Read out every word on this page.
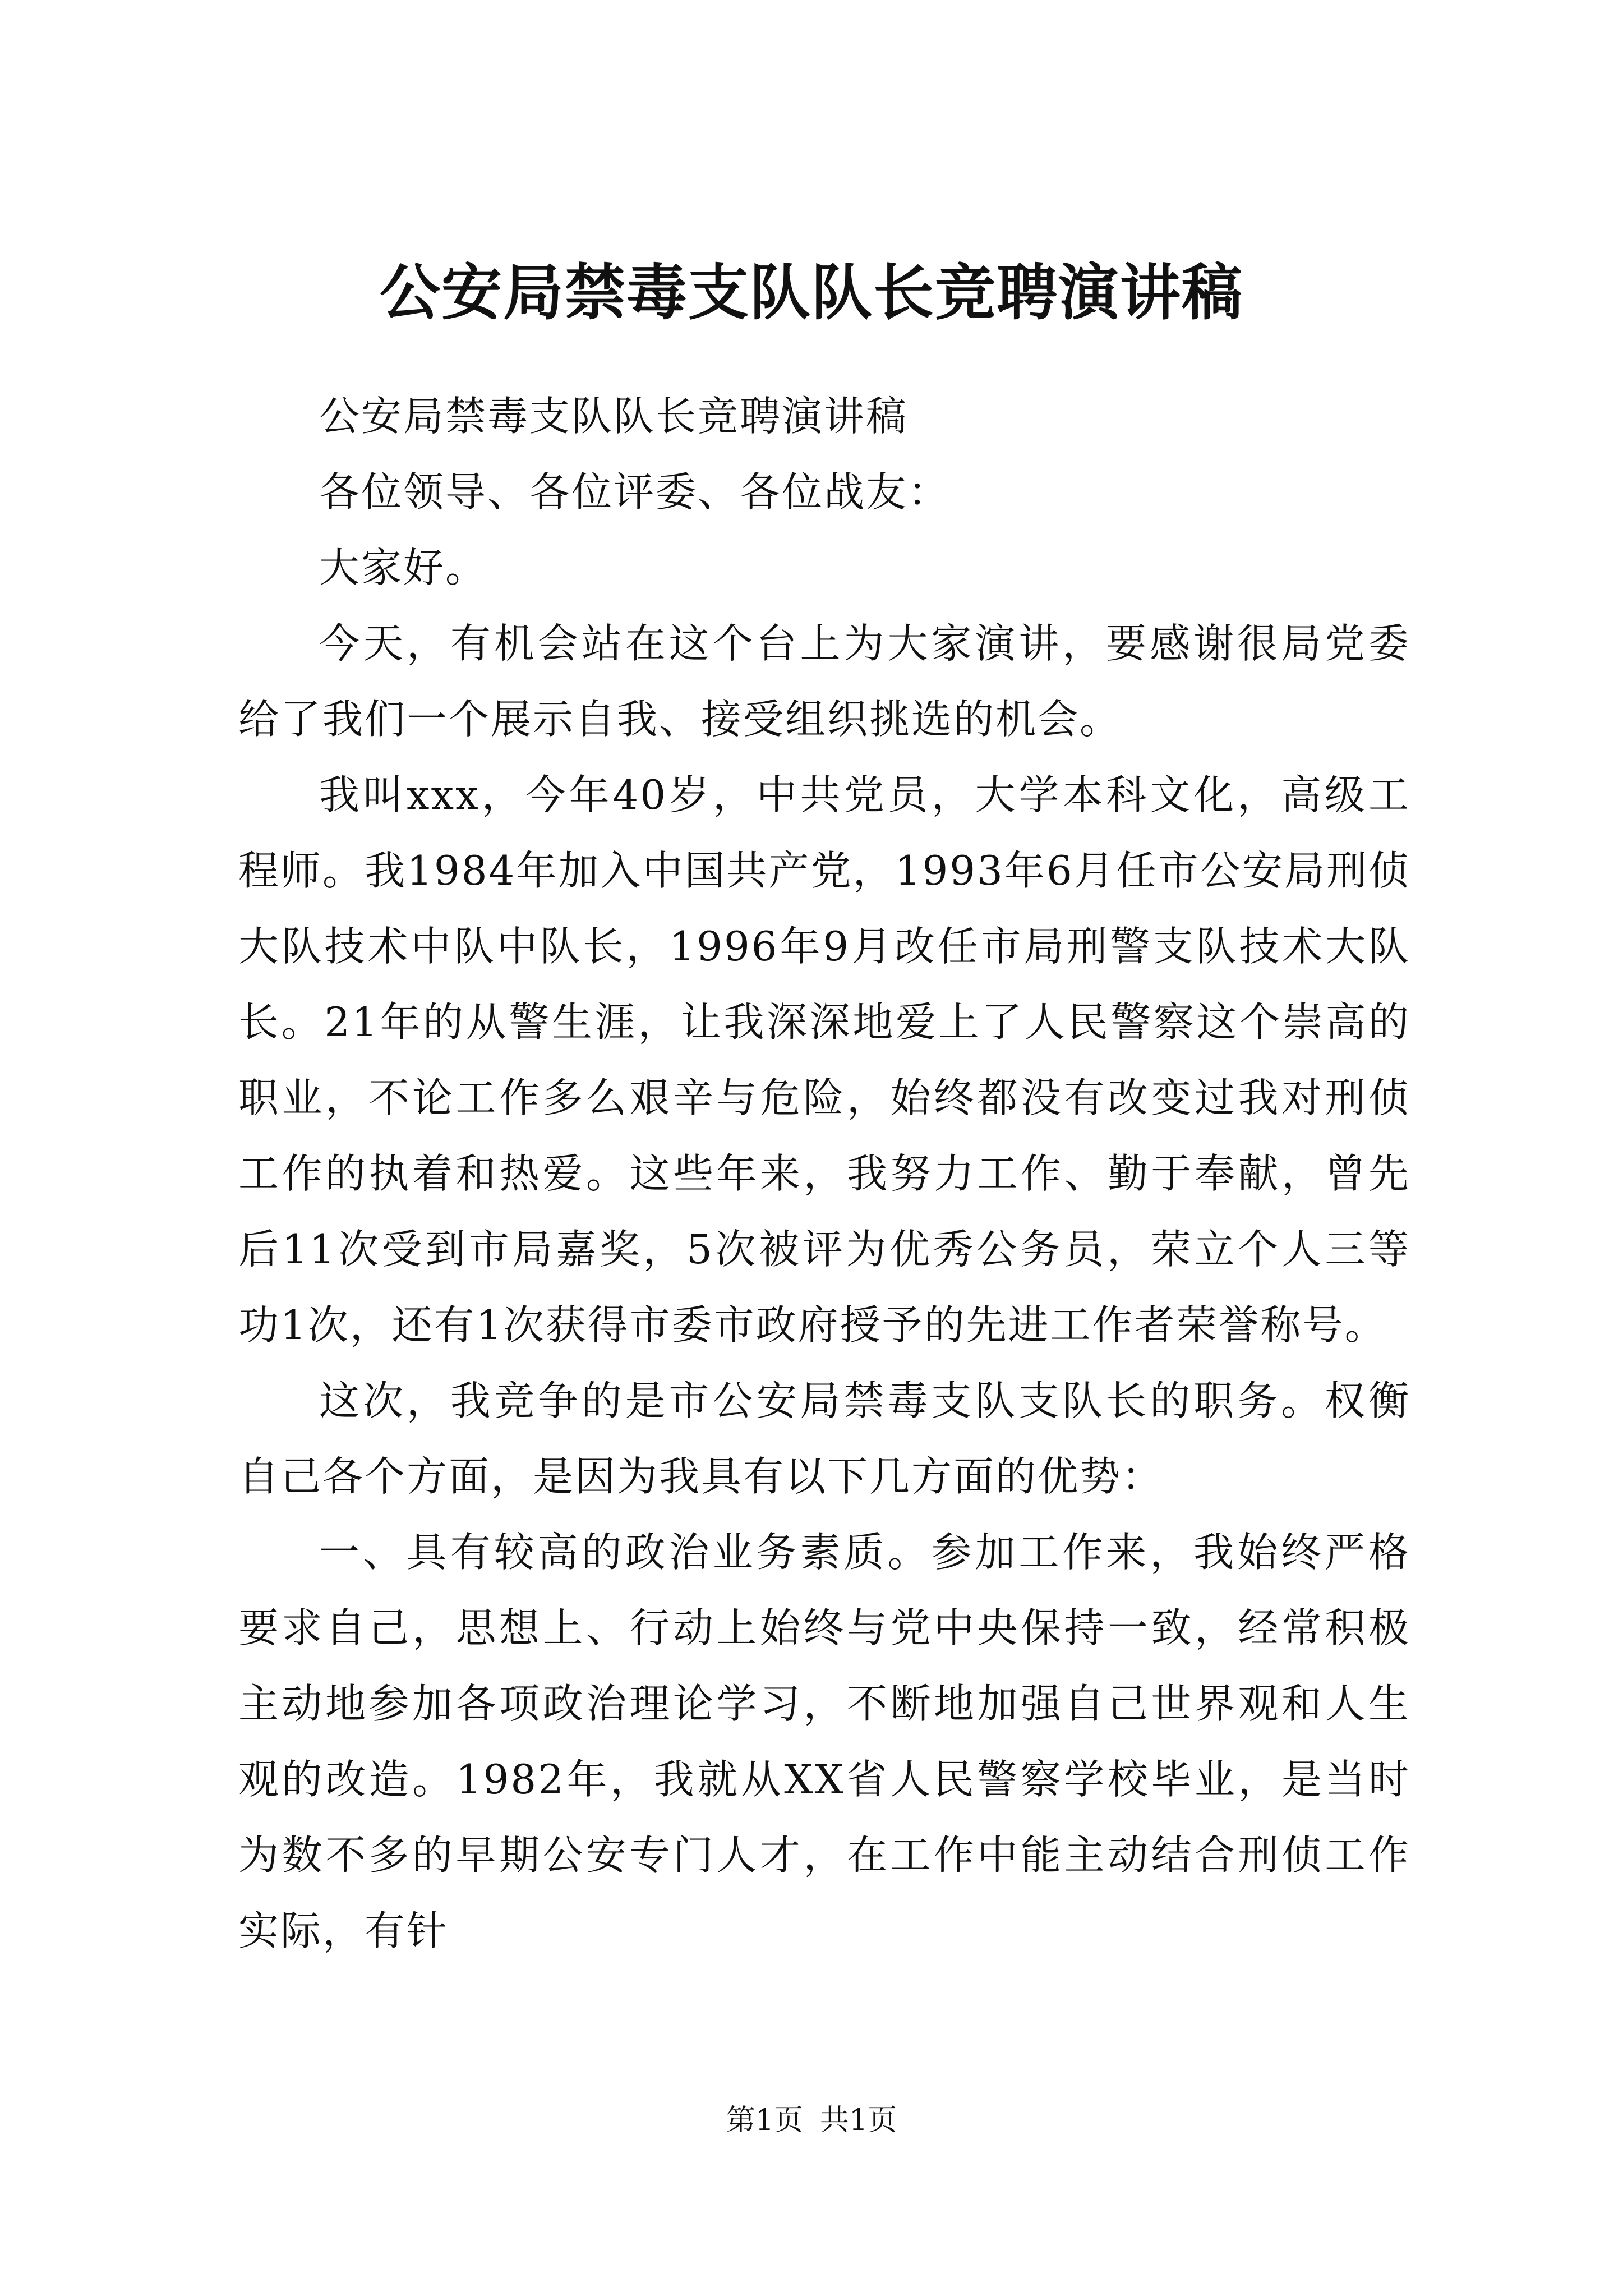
公安局禁毒支队队长竞聘演讲稿

公安局禁毒支队队长竞聘演讲稿

各位领导、各位评委、各位战友：

大家好。

今天，有机会站在这个台上为大家演讲，要感谢很局党委给了我们一个展示自我、接受组织挑选的机会。

我叫xxx，今年40岁，中共党员，大学本科文化，高级工程师。我1984年加入中国共产党，1993年6月任市公安局刑侦大队技术中队中队长，1996年9月改任市局刑警支队技术大队长。21年的从警生涯，让我深深地爱上了人民警察这个崇高的职业，不论工作多么艰辛与危险，始终都没有改变过我对刑侦工作的执着和热爱。这些年来，我努力工作、勤于奉献，曾先后11次受到市局嘉奖，5次被评为优秀公务员，荣立个人三等功1次，还有1次获得市委市政府授予的先进工作者荣誉称号。

这次，我竞争的是市公安局禁毒支队支队长的职务。权衡自己各个方面，是因为我具有以下几方面的优势：

一、具有较高的政治业务素质。参加工作来，我始终严格要求自己，思想上、行动上始终与党中央保持一致，经常积极主动地参加各项政治理论学习，不断地加强自己世界观和人生观的改造。1982年，我就从XX省人民警察学校毕业，是当时为数不多的早期公安专门人才，在工作中能主动结合刑侦工作实际，有针

第1页 共1页
